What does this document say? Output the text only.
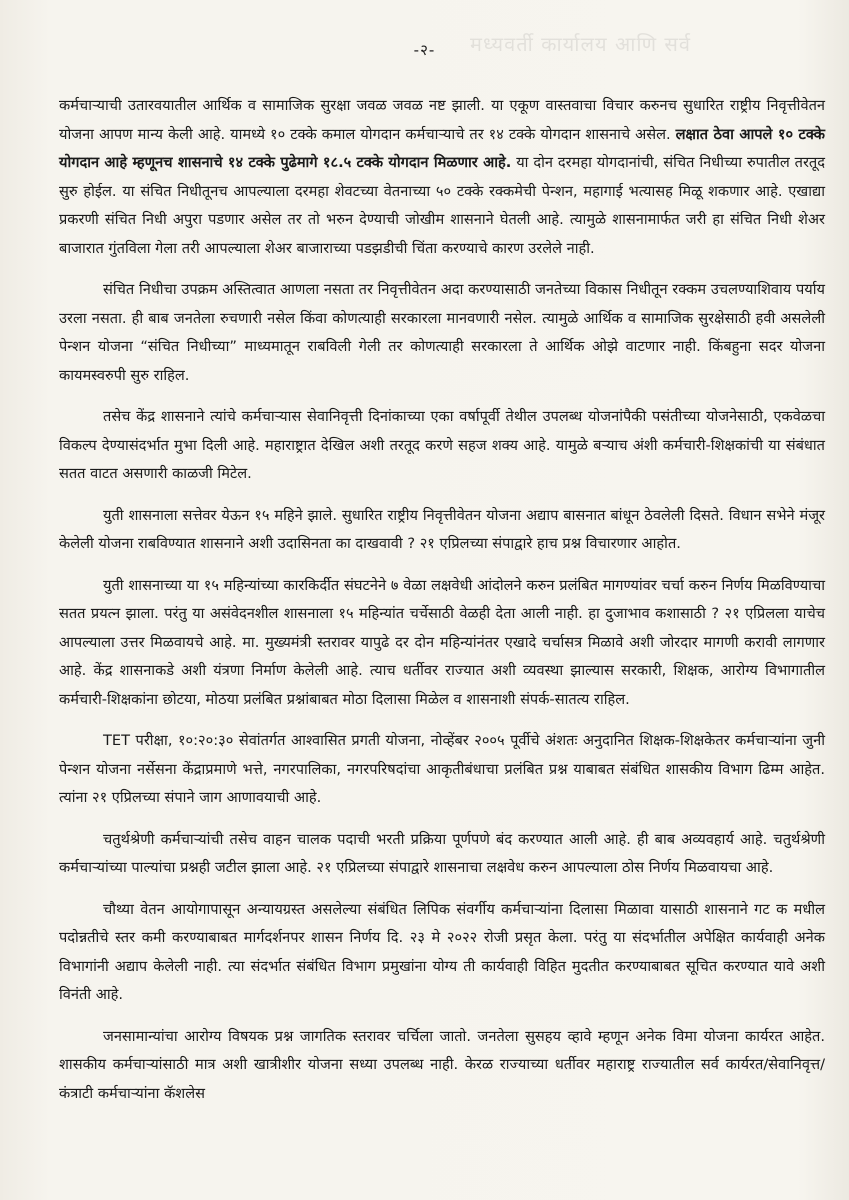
मध्यवर्ती कार्यालय आणि सर्व
-२-

कर्मचाऱ्याची उतारवयातील आर्थिक व सामाजिक सुरक्षा जवळ जवळ नष्ट झाली. या एकूण वास्तवाचा विचार करुनच सुधारित राष्ट्रीय निवृत्तीवेतन योजना आपण मान्य केली आहे. यामध्ये १० टक्के कमाल योगदान कर्मचाऱ्याचे तर १४ टक्के योगदान शासनाचे असेल. लक्षात ठेवा आपले १० टक्के योगदान आहे म्हणूनच शासनाचे १४ टक्के पुढेमागे १८.५ टक्के योगदान मिळणार आहे. या दोन दरमहा योगदानांची, संचित निधीच्या रुपातील तरतूद सुरु होईल. या संचित निधीतूनच आपल्याला दरमहा शेवटच्या वेतनाच्या ५० टक्के रक्कमेची पेन्शन, महागाई भत्यासह मिळू शकणार आहे. एखाद्या प्रकरणी संचित निधी अपुरा पडणार असेल तर तो भरुन देण्याची जोखीम शासनाने घेतली आहे. त्यामुळे शासनामार्फत जरी हा संचित निधी शेअर बाजारात गुंतविला गेला तरी आपल्याला शेअर बाजाराच्या पडझडीची चिंता करण्याचे कारण उरलेले नाही.

संचित निधीचा उपक्रम अस्तित्वात आणला नसता तर निवृत्तीवेतन अदा करण्यासाठी जनतेच्या विकास निधीतून रक्कम उचलण्याशिवाय पर्याय उरला नसता. ही बाब जनतेला रुचणारी नसेल किंवा कोणत्याही सरकारला मानवणारी नसेल. त्यामुळे आर्थिक व सामाजिक सुरक्षेसाठी हवी असलेली पेन्शन योजना “संचित निधीच्या” माध्यमातून राबविली गेली तर कोणत्याही सरकारला ते आर्थिक ओझे वाटणार नाही. किंबहुना सदर योजना कायमस्वरुपी सुरु राहिल.

तसेच केंद्र शासनाने त्यांचे कर्मचाऱ्यास सेवानिवृत्ती दिनांकाच्या एका वर्षापूर्वी तेथील उपलब्ध योजनांपैकी पसंतीच्या योजनेसाठी, एकवेळचा विकल्प देण्यासंदर्भात मुभा दिली आहे. महाराष्ट्रात देखिल अशी तरतूद करणे सहज शक्य आहे. यामुळे बऱ्याच अंशी कर्मचारी-शिक्षकांची या संबंधात सतत वाटत असणारी काळजी मिटेल.

युती शासनाला सत्तेवर येऊन १५ महिने झाले. सुधारित राष्ट्रीय निवृत्तीवेतन योजना अद्याप बासनात बांधून ठेवलेली दिसते. विधान सभेने मंजूर केलेली योजना राबविण्यात शासनाने अशी उदासिनता का दाखवावी ? २१ एप्रिलच्या संपाद्वारे हाच प्रश्न विचारणार आहोत.

युती शासनाच्या या १५ महिन्यांच्या कारकिर्दीत संघटनेने ७ वेळा लक्षवेधी आंदोलने करुन प्रलंबित मागण्यांवर चर्चा करुन निर्णय मिळविण्याचा सतत प्रयत्न झाला. परंतु या असंवेदनशील शासनाला १५ महिन्यांत चर्चेसाठी वेळही देता आली नाही. हा दुजाभाव कशासाठी ? २१ एप्रिलला याचेच आपल्याला उत्तर मिळवायचे आहे. मा. मुख्यमंत्री स्तरावर यापुढे दर दोन महिन्यांनंतर एखादे चर्चासत्र मिळावे अशी जोरदार मागणी करावी लागणार आहे. केंद्र शासनाकडे अशी यंत्रणा निर्माण केलेली आहे. त्याच धर्तीवर राज्यात अशी व्यवस्था झाल्यास सरकारी, शिक्षक, आरोग्य विभागातील कर्मचारी-शिक्षकांना छोटया, मोठया प्रलंबित प्रश्नांबाबत मोठा दिलासा मिळेल व शासनाशी संपर्क-सातत्य राहिल.

TET परीक्षा, १०:२०:३० सेवांतर्गत आश्वासित प्रगती योजना, नोव्हेंबर २००५ पूर्वीचे अंशतः अनुदानित शिक्षक-शिक्षकेतर कर्मचाऱ्यांना जुनी पेन्शन योजना नर्सेसना केंद्राप्रमाणे भत्ते, नगरपालिका, नगरपरिषदांचा आकृतीबंधाचा प्रलंबित प्रश्न याबाबत संबंधित शासकीय विभाग ढिम्म आहेत. त्यांना २१ एप्रिलच्या संपाने जाग आणावयाची आहे.

चतुर्थश्रेणी कर्मचाऱ्यांची तसेच वाहन चालक पदाची भरती प्रक्रिया पूर्णपणे बंद करण्यात आली आहे. ही बाब अव्यवहार्य आहे. चतुर्थश्रेणी कर्मचाऱ्यांच्या पाल्यांचा प्रश्नही जटील झाला आहे. २१ एप्रिलच्या संपाद्वारे शासनाचा लक्षवेध करुन आपल्याला ठोस निर्णय मिळवायचा आहे.

चौथ्या वेतन आयोगापासून अन्यायग्रस्त असलेल्या संबंधित लिपिक संवर्गीय कर्मचाऱ्यांना दिलासा मिळावा यासाठी शासनाने गट क मधील पदोन्नतीचे स्तर कमी करण्याबाबत मार्गदर्शनपर शासन निर्णय दि. २३ मे २०२२ रोजी प्रसृत केला. परंतु या संदर्भातील अपेक्षित कार्यवाही अनेक विभागांनी अद्याप केलेली नाही. त्या संदर्भात संबंधित विभाग प्रमुखांना योग्य ती कार्यवाही विहित मुदतीत करण्याबाबत सूचित करण्यात यावे अशी विनंती आहे.

जनसामान्यांचा आरोग्य विषयक प्रश्न जागतिक स्तरावर चर्चिला जातो. जनतेला सुसहय व्हावे म्हणून अनेक विमा योजना कार्यरत आहेत. शासकीय कर्मचाऱ्यांसाठी मात्र अशी खात्रीशीर योजना सध्या उपलब्ध नाही. केरळ राज्याच्या धर्तीवर महाराष्ट्र राज्यातील सर्व कार्यरत/सेवानिवृत्त/कंत्राटी कर्मचाऱ्यांना कॅशलेस
